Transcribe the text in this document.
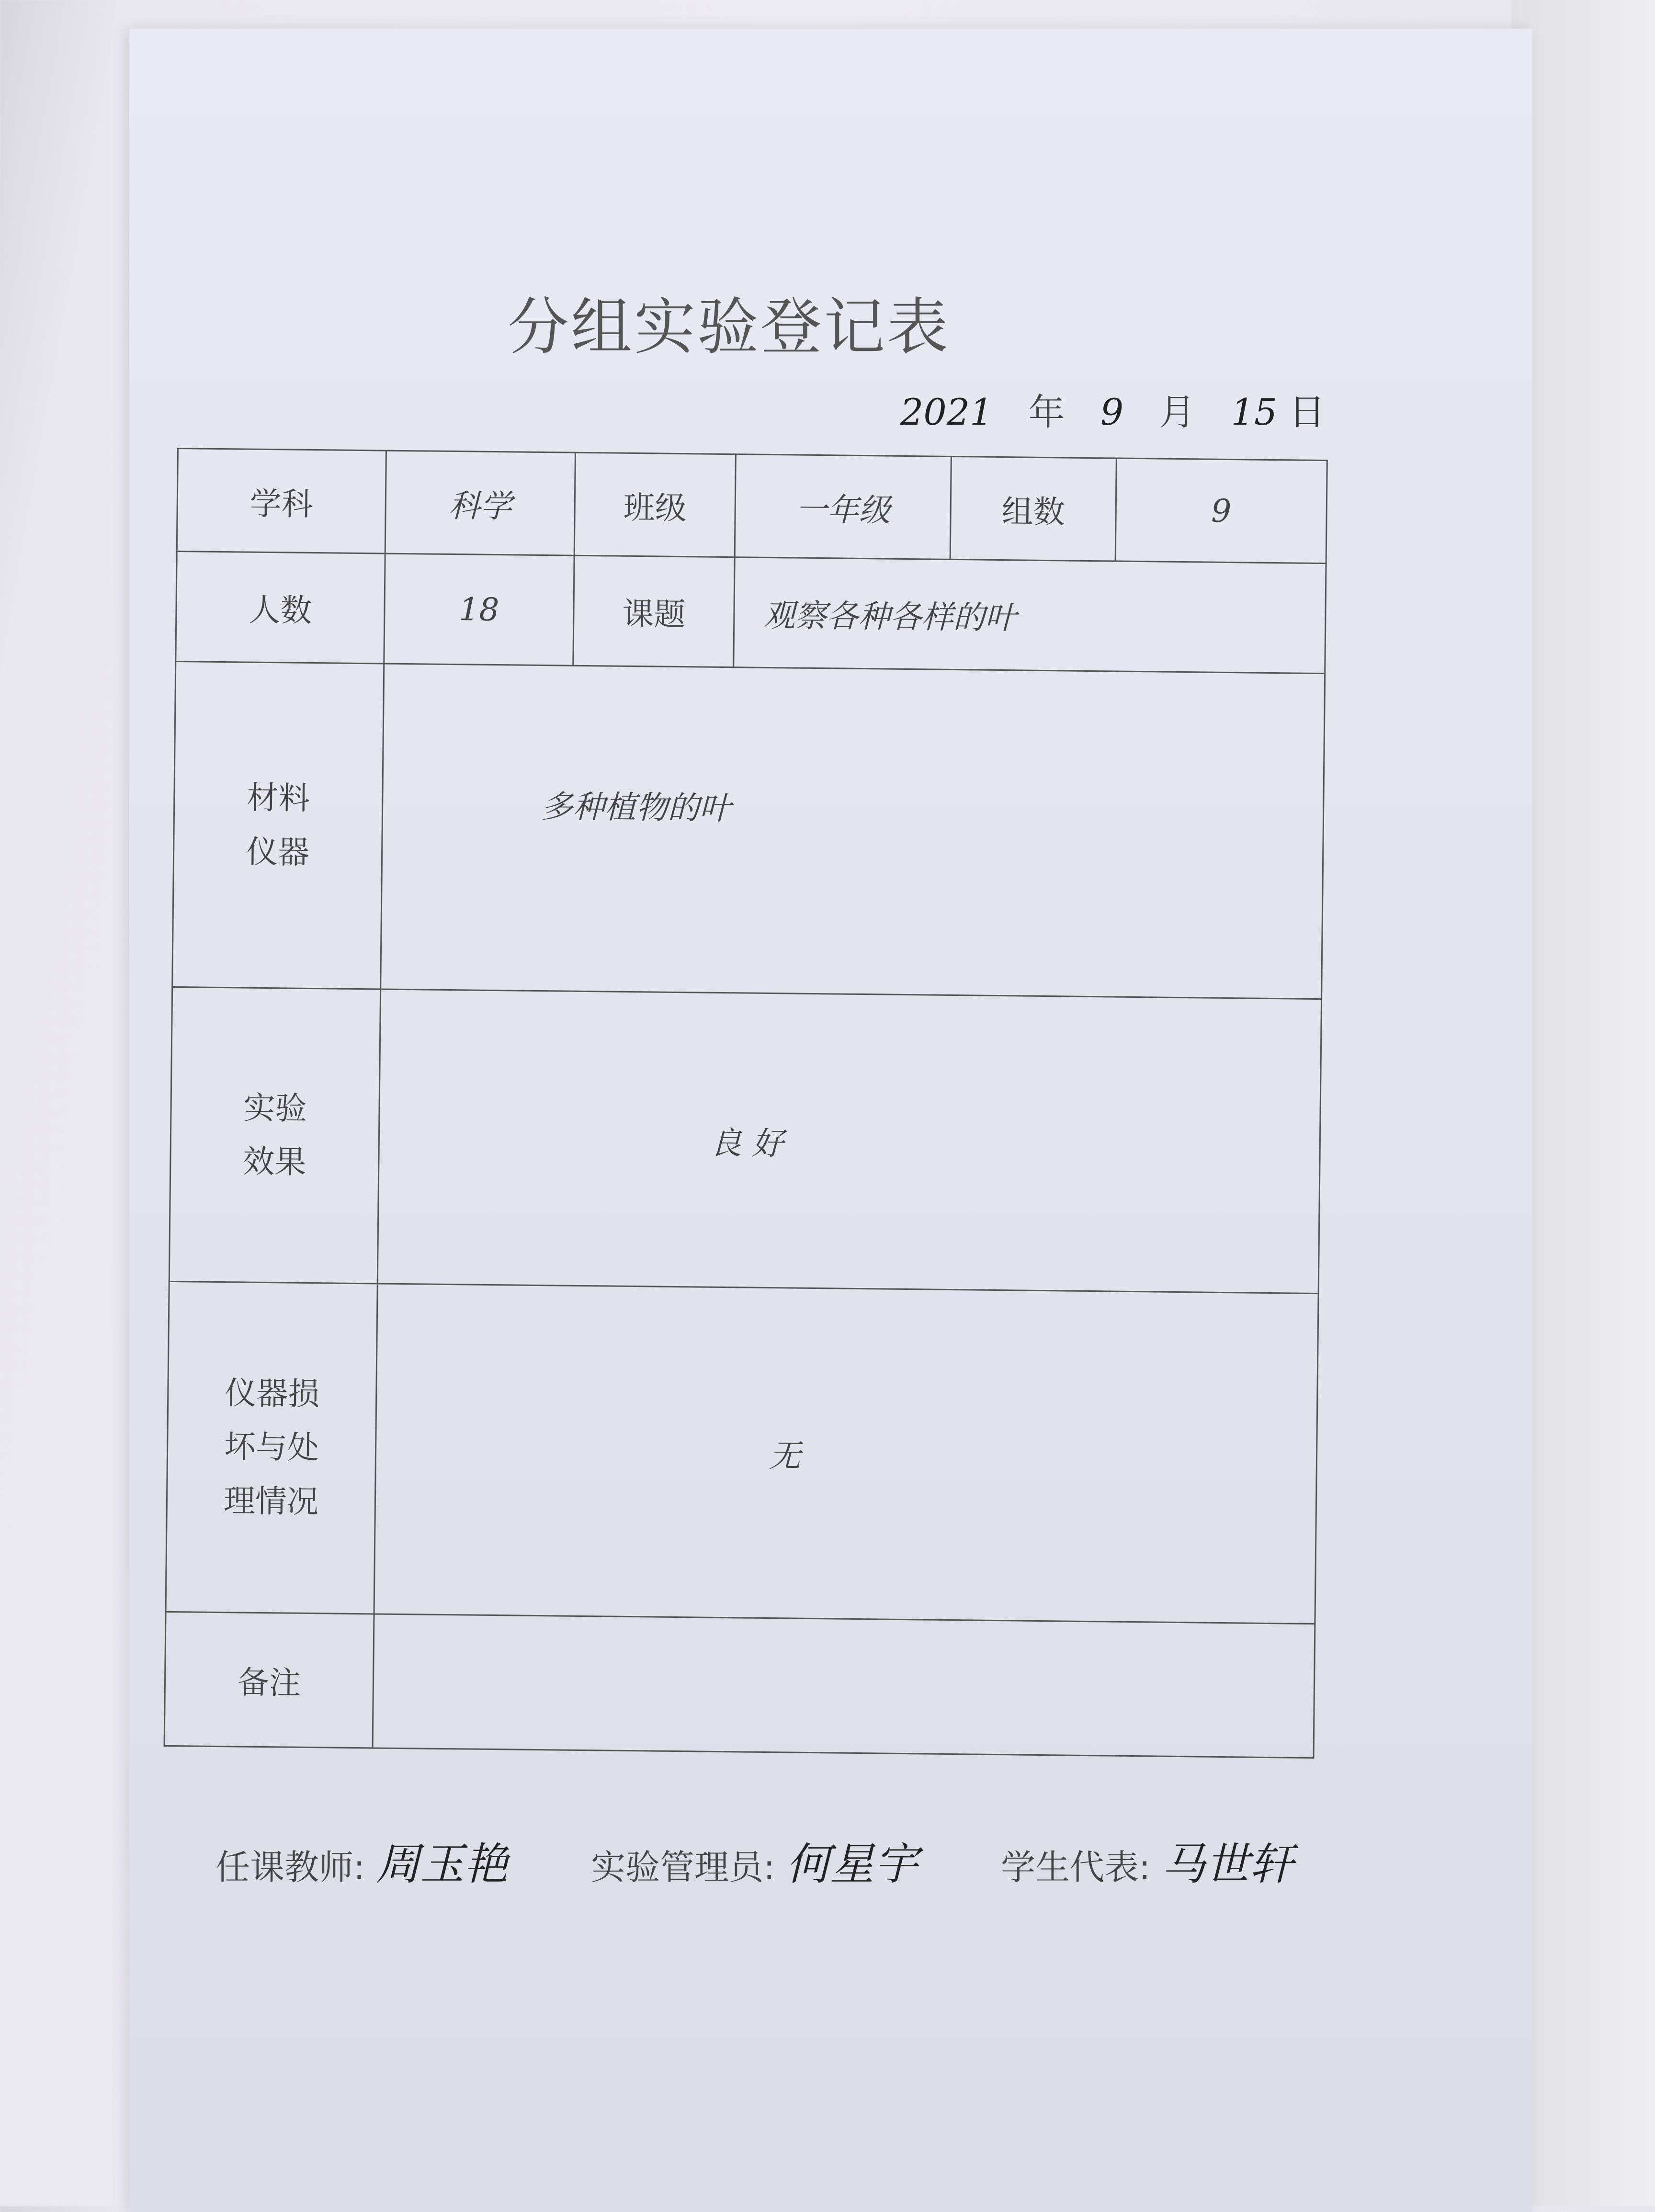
分组实验登记表
2021 年 9 月 15 日
学科	科学	班级	一年级	组数	9
人数	18	课题	观察各种各样的叶		

材料
仪器	多种植物的叶				

实验
效果	良 好				

仪器损
坏与处
理情况	无				
备注					
任课教师: 周玉艳 实验管理员: 何星宇 学生代表: 马世轩
